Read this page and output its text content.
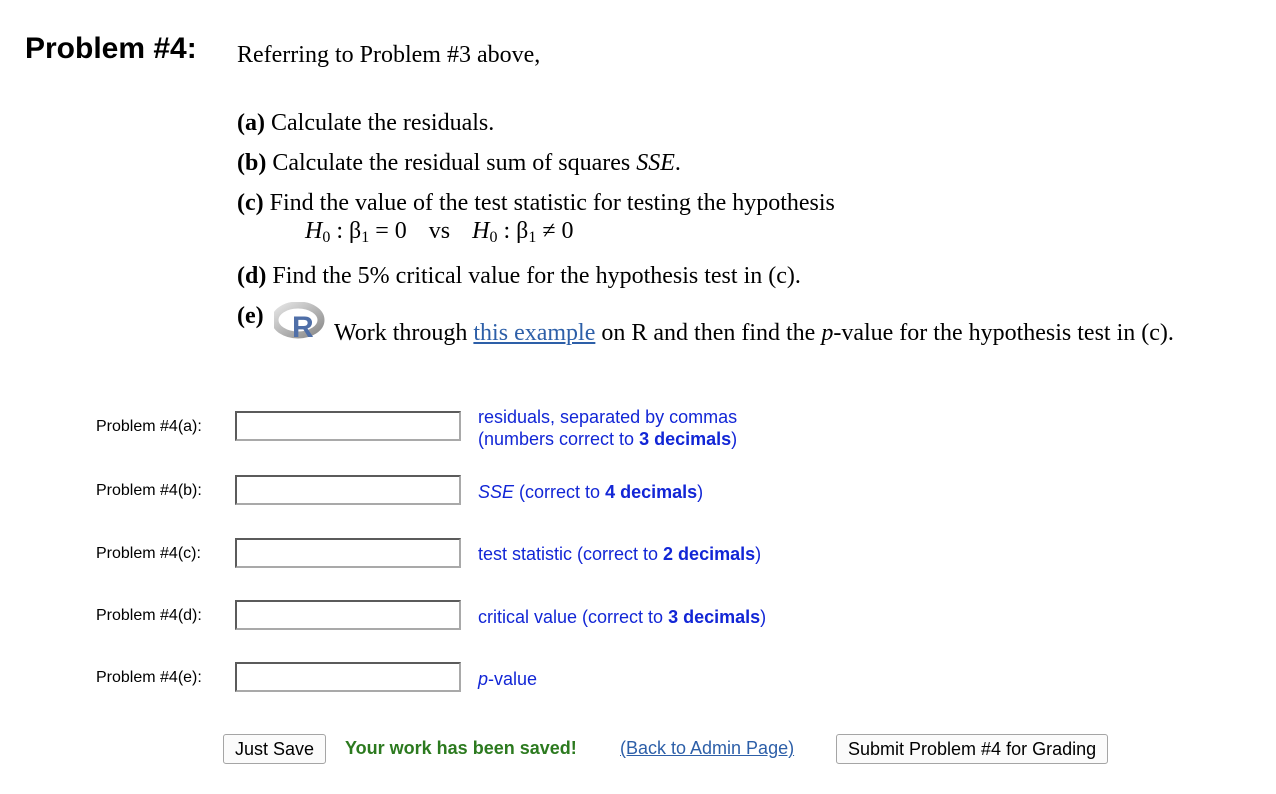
Problem #4: Referring to Problem #3 above,
(a) Calculate the residuals.
(b) Calculate the residual sum of squares SSE.
(c) Find the value of the test statistic for testing the hypothesis
$H_0$ : $\beta_1 = 0$ vs $H_0$ : $\beta_1 \ne 0$
(d) Find the 5% critical value for the hypothesis test in (c).
(e) R Work through this example on R and then find the p-value for the hypothesis test in (c).
Problem #4(a):	residuals, separated by commas
(numbers correct to 3 decimals)
Problem #4(b):	SSE (correct to 4 decimals)
Problem #4(c):	test statistic (correct to 2 decimals)
Problem #4(d):	critical value (correct to 3 decimals)
Problem #4(e):	p-value
Just Save	Your work has been saved! (Back to Admin Page)	Submit Problem #4 for Grading
